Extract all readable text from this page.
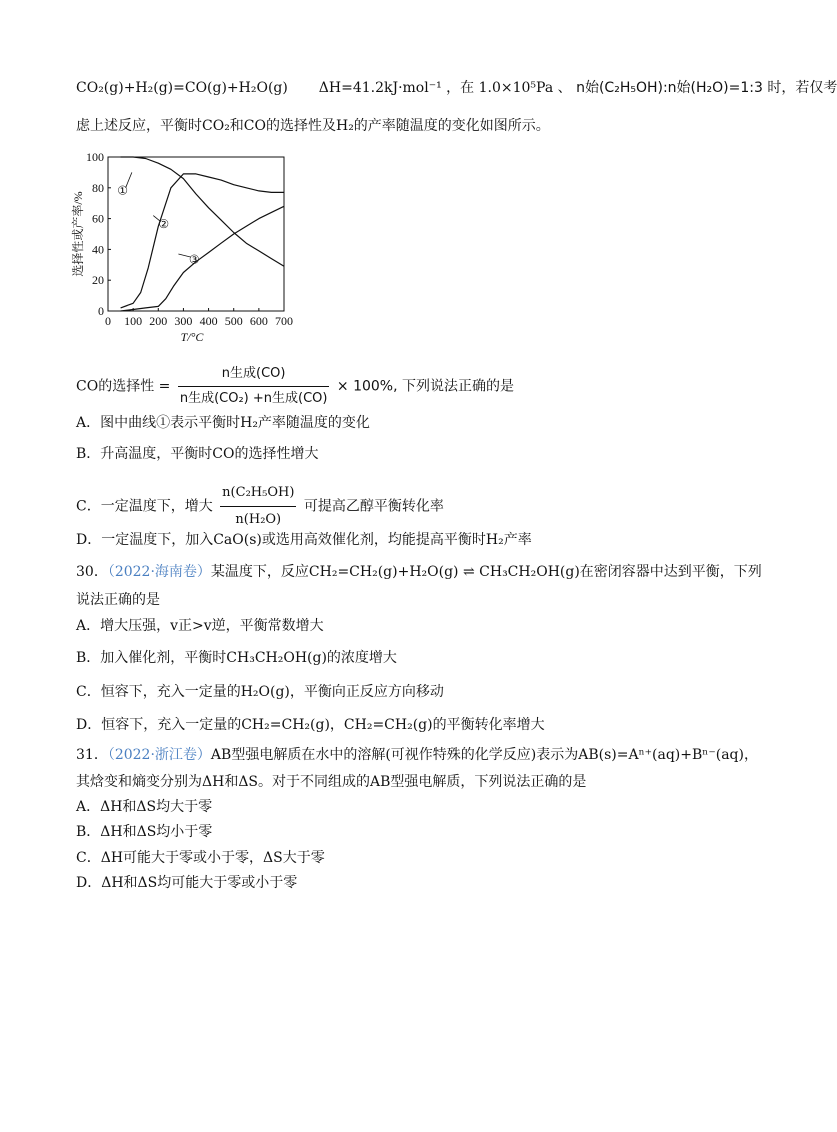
CO₂(g)+H₂(g)=CO(g)+H₂O(g) ΔH=41.2kJ·mol⁻¹ ，在 1.0×10⁵Pa 、 n始(C₂H₅OH):n始(H₂O)=1:3 时，若仅考
虑上述反应，平衡时CO₂和CO的选择性及H₂的产率随温度的变化如图所示。
0 100 200 300 400 500 600 700
0
20
40
60
80
100
T/°C
选择性或产率/%
①
②
③
CO的选择性 = $\frac{\text{n生成(CO)}}{\text{n生成(CO₂) +n生成(CO)}} \times 100\%$, 下列说法正确的是
A．图中曲线①表示平衡时H₂产率随温度的变化
B．升高温度，平衡时CO的选择性增大
C．一定温度下，增大 $\frac{\text{n(C₂H₅OH)}}{\text{n(H₂O)}}$ 可提高乙醇平衡转化率
D．一定温度下，加入CaO(s)或选用高效催化剂，均能提高平衡时H₂产率
30．（2022·海南卷）某温度下，反应CH₂=CH₂(g)+H₂O(g) ⇌ CH₃CH₂OH(g)在密闭容器中达到平衡，下列
说法正确的是
A．增大压强，v正>v逆，平衡常数增大
B．加入催化剂，平衡时CH₃CH₂OH(g)的浓度增大
C．恒容下，充入一定量的H₂O(g)，平衡向正反应方向移动
D．恒容下，充入一定量的CH₂=CH₂(g)，CH₂=CH₂(g)的平衡转化率增大
31．（2022·浙江卷）AB型强电解质在水中的溶解(可视作特殊的化学反应)表示为AB(s)=Aⁿ⁺(aq)+Bⁿ⁻(aq)，
其焓变和熵变分别为ΔH和ΔS。对于不同组成的AB型强电解质，下列说法正确的是
A．ΔH和ΔS均大于零
B．ΔH和ΔS均小于零
C．ΔH可能大于零或小于零，ΔS大于零
D．ΔH和ΔS均可能大于零或小于零
